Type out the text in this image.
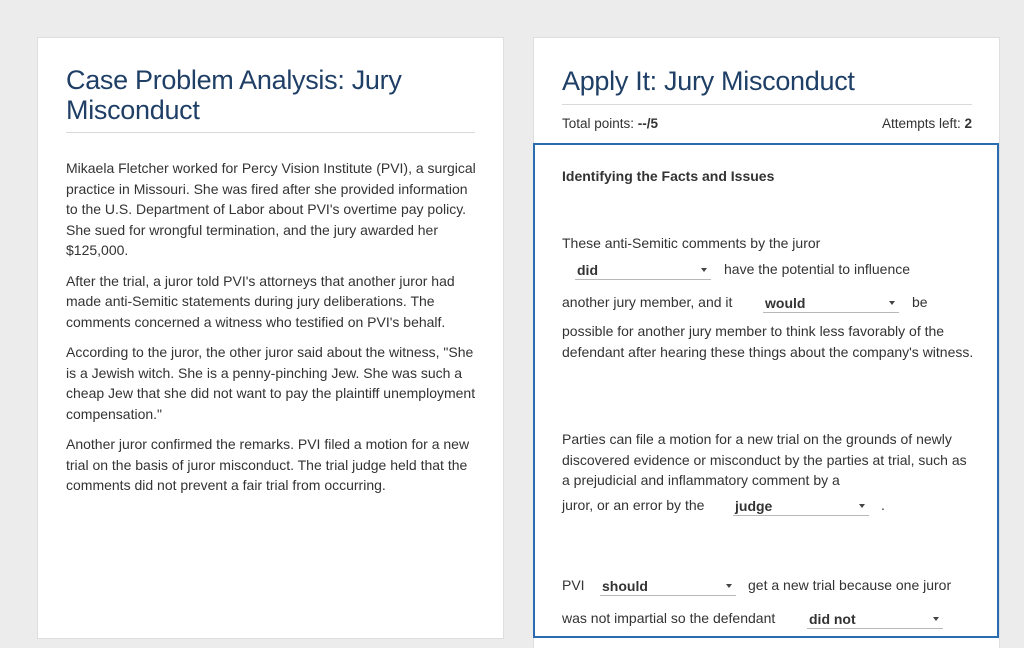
Case Problem Analysis: Jury Misconduct

Mikaela Fletcher worked for Percy Vision Institute (PVI), a surgical practice in Missouri. She was fired after she provided information to the U.S. Department of Labor about PVI's overtime pay policy. She sued for wrongful termination, and the jury awarded her $125,000.

After the trial, a juror told PVI's attorneys that another juror had made anti-Semitic statements during jury deliberations. The comments concerned a witness who testified on PVI's behalf.

According to the juror, the other juror said about the witness, "She is a Jewish witch. She is a penny-pinching Jew. She was such a cheap Jew that she did not want to pay the plaintiff unemployment compensation."

Another juror confirmed the remarks. PVI filed a motion for a new trial on the basis of juror misconduct. The trial judge held that the comments did not prevent a fair trial from occurring.

Apply It: Jury Misconduct
Total points: --/5	Attempts left: 2
Identifying the Facts and Issues
These anti-Semitic comments by the juror
did	have the potential to influence
another jury member, and it would	be
possible for another jury member to think less favorably of the defendant after hearing these things about the company's witness.
Parties can file a motion for a new trial on the grounds of newly discovered evidence or misconduct by the parties at trial, such as a prejudicial and inflammatory comment by a
juror, or an error by the judge	.
PVI should	get a new trial because one juror
was not impartial so the defendant did not
